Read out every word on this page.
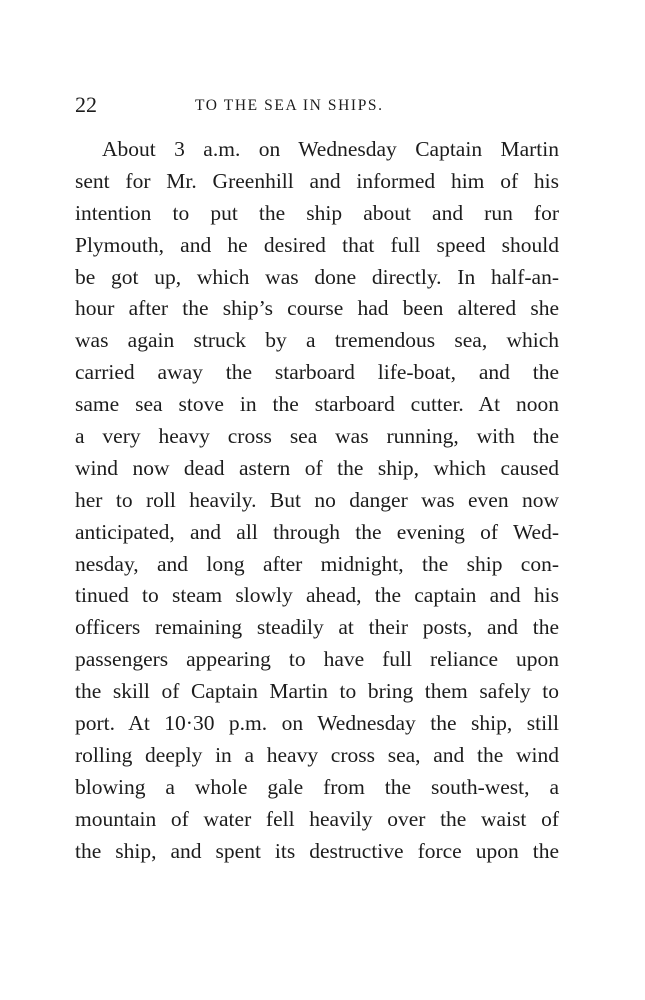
22	TO THE SEA IN SHIPS.
About 3 a.m. on Wednesday Captain Martin
sent for Mr. Greenhill and informed him of his
intention to put the ship about and run for
Plymouth, and he desired that full speed should
be got up, which was done directly. In half-an-
hour after the ship’s course had been altered she
was again struck by a tremendous sea, which
carried away the starboard life-boat, and the
same sea stove in the starboard cutter. At noon
a very heavy cross sea was running, with the
wind now dead astern of the ship, which caused
her to roll heavily. But no danger was even now
anticipated, and all through the evening of Wed-
nesday, and long after midnight, the ship con-
tinued to steam slowly ahead, the captain and his
officers remaining steadily at their posts, and the
passengers appearing to have full reliance upon
the skill of Captain Martin to bring them safely to
port. At 10·30 p.m. on Wednesday the ship, still
rolling deeply in a heavy cross sea, and the wind
blowing a whole gale from the south-west, a
mountain of water fell heavily over the waist of
the ship, and spent its destructive force upon the
